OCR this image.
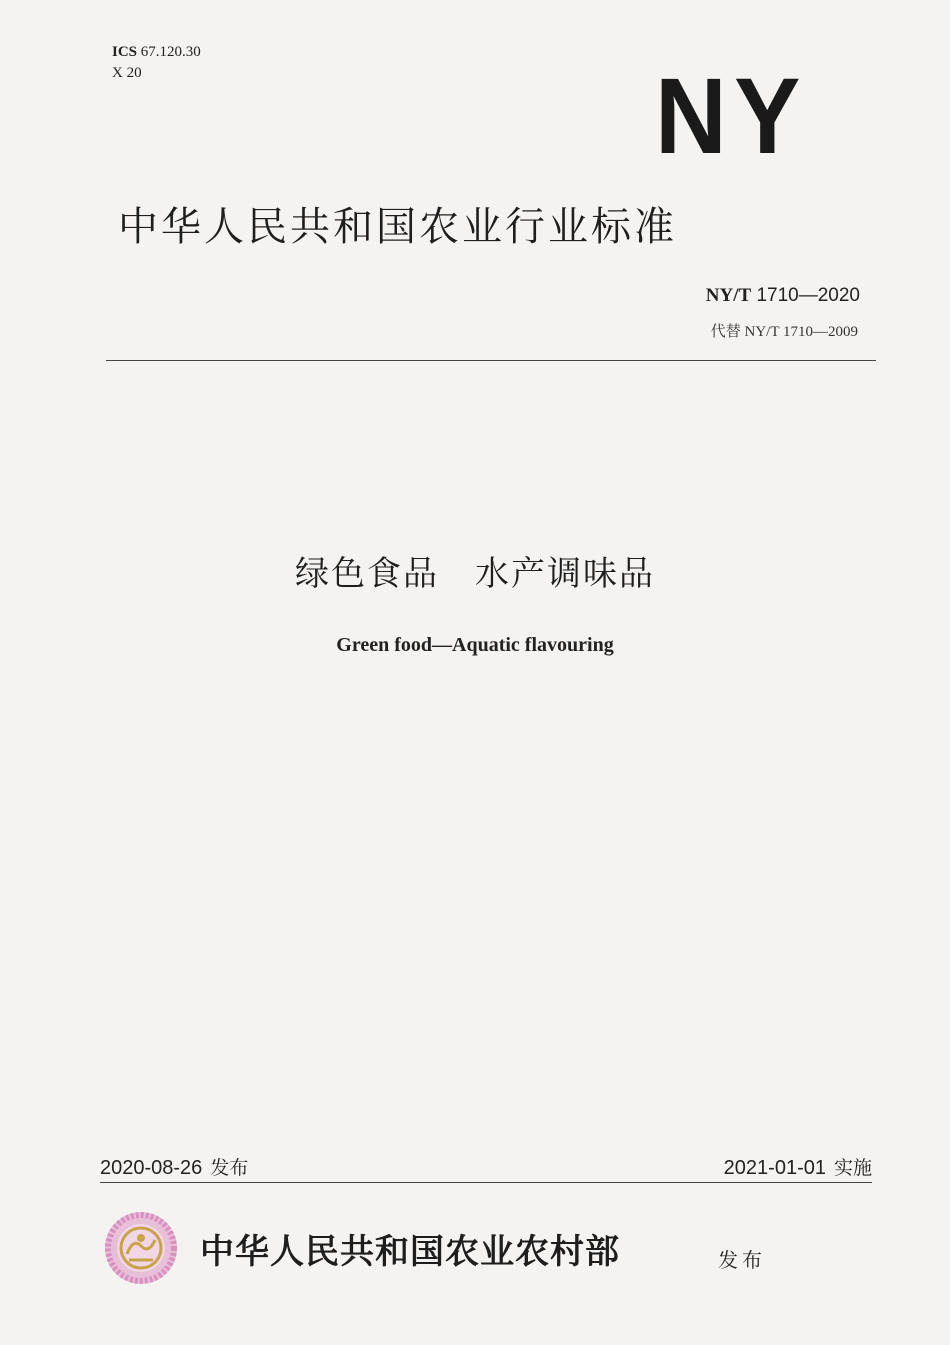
ICS 67.120.30
X 20	NY
中华人民共和国农业行业标准
NY/T 1710—2020
代替 NY/T 1710—2009
绿色食品　水产调味品
Green food—Aquatic flavouring
2020-08-26 发布	2021-01-01 实施
中华人民共和国农业农村部	发布
